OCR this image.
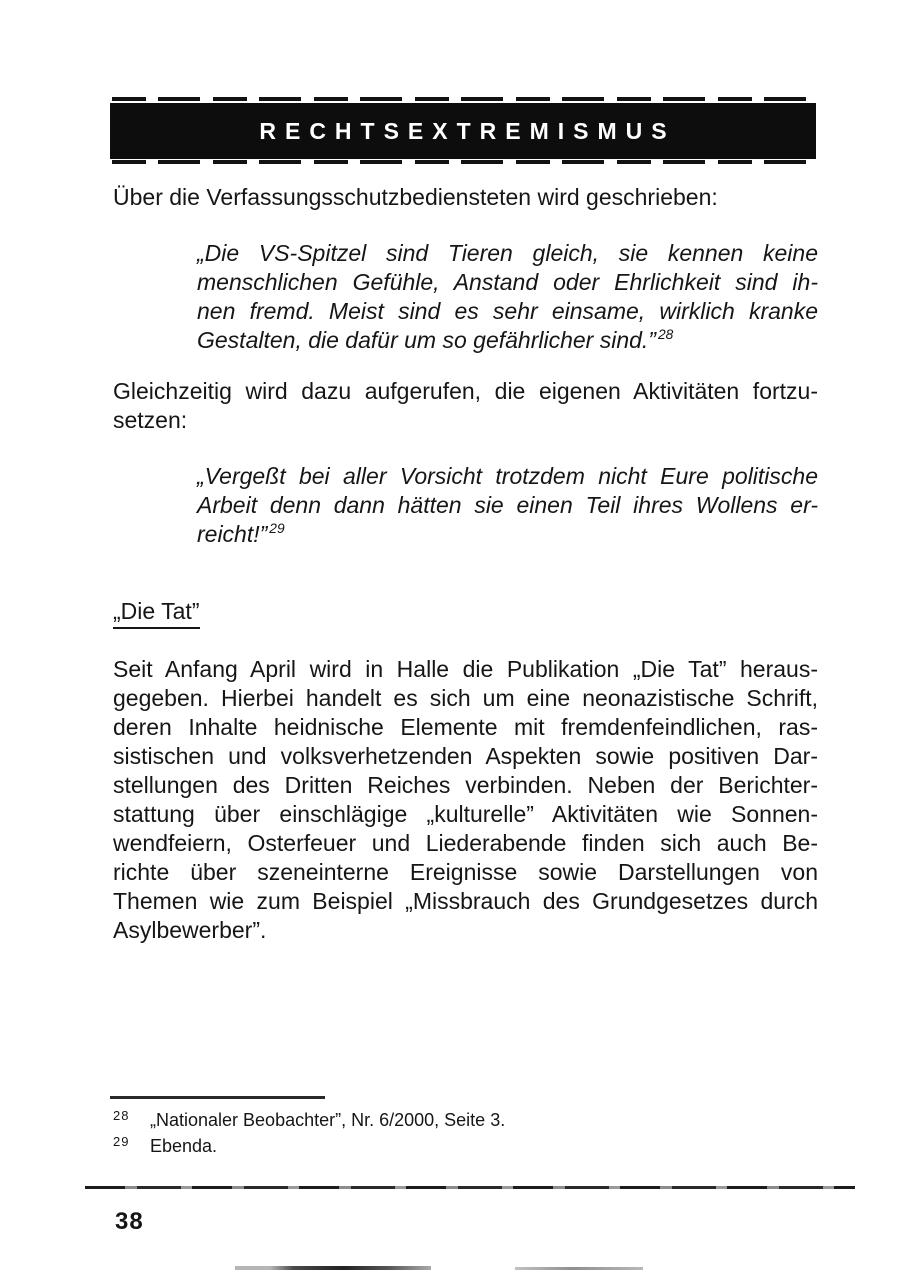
RECHTSEXTREMISMUS
Über die Verfassungsschutzbediensteten wird geschrieben:
„Die VS-Spitzel sind Tieren gleich, sie kennen keine
menschlichen Gefühle, Anstand oder Ehrlichkeit sind ih-
nen fremd. Meist sind es sehr einsame, wirklich kranke
Gestalten, die dafür um so gefährlicher sind.” $^{28}$
Gleichzeitig wird dazu aufgerufen, die eigenen Aktivitäten fortzu-
setzen:
„Vergeßt bei aller Vorsicht trotzdem nicht Eure politische
Arbeit denn dann hätten sie einen Teil ihres Wollens er-
reicht!” $^{29}$
„Die Tat”
Seit Anfang April wird in Halle die Publikation „Die Tat” heraus-
gegeben. Hierbei handelt es sich um eine neonazistische Schrift,
deren Inhalte heidnische Elemente mit fremdenfeindlichen, ras-
sistischen und volksverhetzenden Aspekten sowie positiven Dar-
stellungen des Dritten Reiches verbinden. Neben der Berichter-
stattung über einschlägige „kulturelle” Aktivitäten wie Sonnen-
wendfeiern, Osterfeuer und Liederabende finden sich auch Be-
richte über szeneinterne Ereignisse sowie Darstellungen von
Themen wie zum Beispiel „Missbrauch des Grundgesetzes durch
Asylbewerber”.
28 „Nationaler Beobachter”, Nr. 6/2000, Seite 3.
29 Ebenda.
38
